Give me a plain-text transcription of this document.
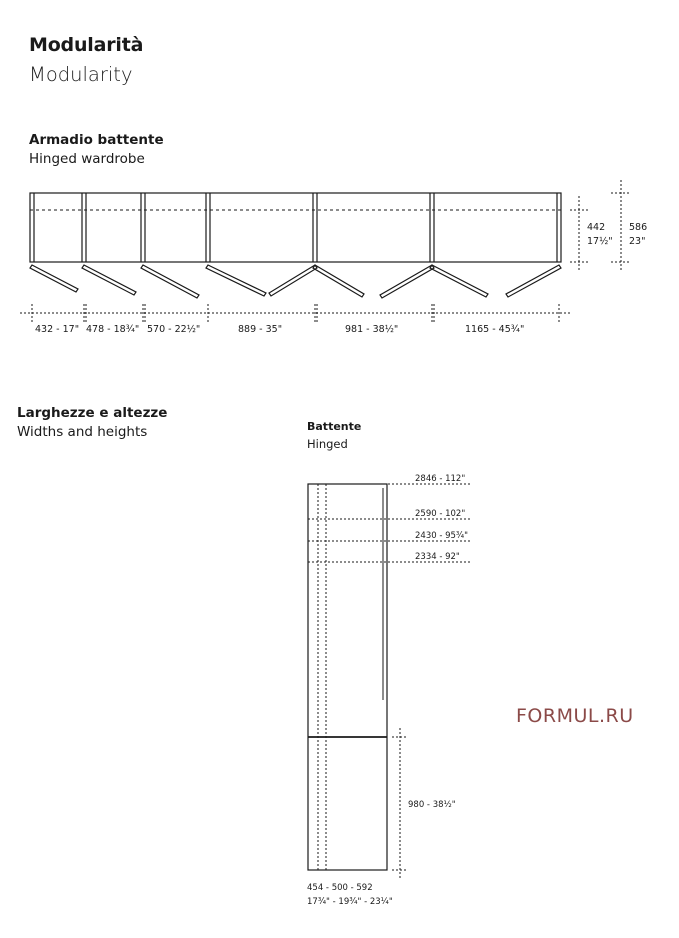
Modularità
Modularity
Armadio battente
Hinged wardrobe
Larghezze e altezze
Widths and heights	Battente
Hinged
FORMUL.RU
432 - 17" 478 - 18¾" 570 - 22½"	889 - 35"	981 - 38½"	1165 - 45¾"
442
17½"
586
23"
2846 - 112"
2590 - 102"
2430 - 95¾"
2334 - 92"
980 - 38½"
454 - 500 - 592
17¾" - 19¾" - 23¼"
